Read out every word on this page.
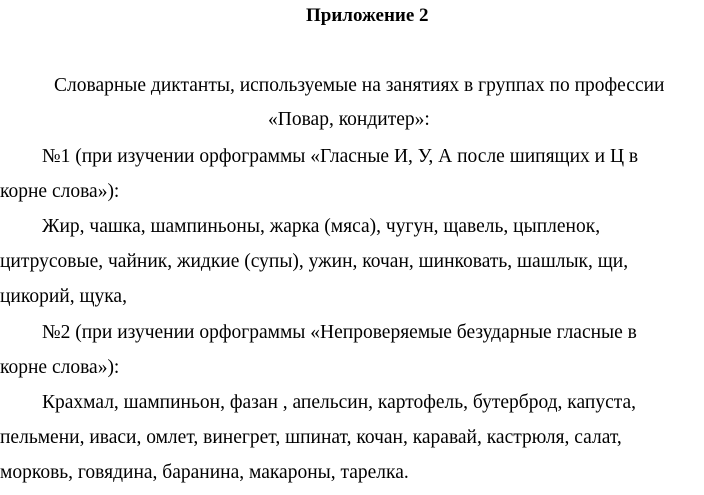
Приложение 2
Словарные диктанты, используемые на занятиях в группах по профессии
«Повар, кондитер»:
№1 (при изучении орфограммы «Гласные И, У, А после шипящих и Ц в
корне слова»):
Жир, чашка, шампиньоны, жарка (мяса), чугун, щавель, цыпленок,
цитрусовые, чайник, жидкие (супы), ужин, кочан, шинковать, шашлык, щи,
цикорий, щука,
№2 (при изучении орфограммы «Непроверяемые безударные гласные в
корне слова»):
Крахмал, шампиньон, фазан , апельсин, картофель, бутерброд, капуста,
пельмени, иваси, омлет, винегрет, шпинат, кочан, каравай, кастрюля, салат,
морковь, говядина, баранина, макароны, тарелка.
